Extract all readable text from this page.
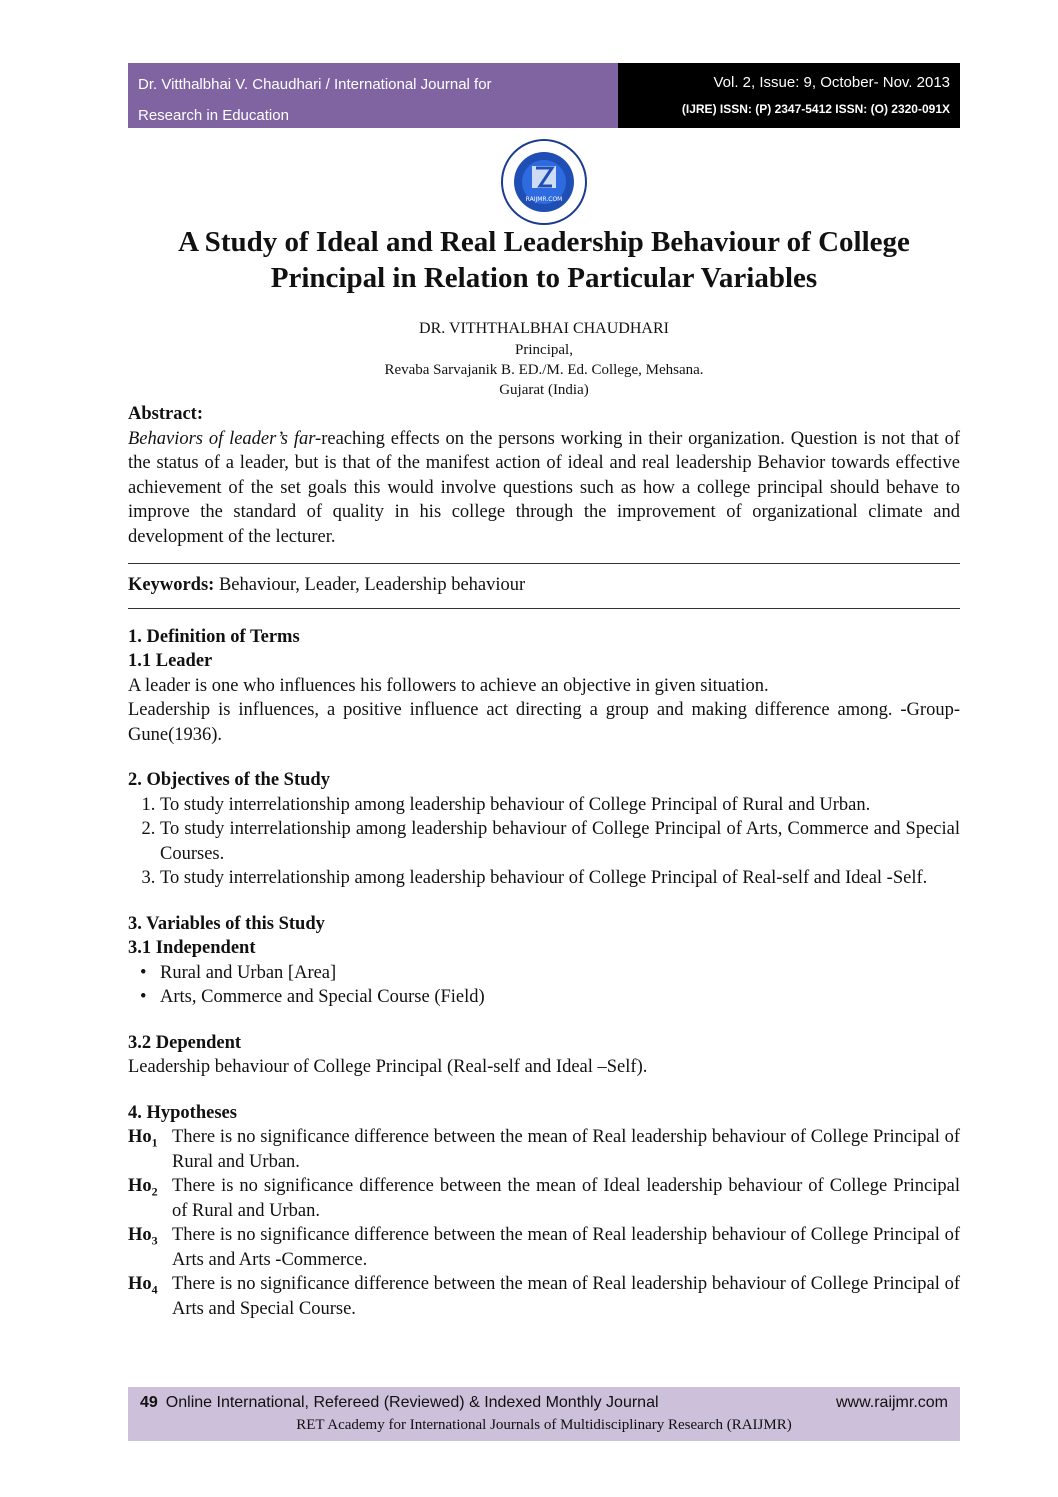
Dr. Vitthalbhai V. Chaudhari / International Journal for
Research in Education
Vol. 2, Issue: 9, October- Nov. 2013
(IJRE) ISSN: (P) 2347-5412 ISSN: (O) 2320-091X
RAIJMR.COM
A Study of Ideal and Real Leadership Behaviour of College
Principal in Relation to Particular Variables
DR. VITHTHALBHAI CHAUDHARI
Principal,
Revaba Sarvajanik B. ED./M. Ed. College, Mehsana.
Gujarat (India)
Abstract:

Behaviors of leader’s far-reaching effects on the persons working in their organization. Question is not that of the status of a leader, but is that of the manifest action of ideal and real leadership Behavior towards effective achievement of the set goals this would involve questions such as how a college principal should behave to improve the standard of quality in his college through the improvement of organizational climate and development of the lecturer.

Keywords: Behaviour, Leader, Leadership behaviour

1. Definition of Terms
1.1 Leader

A leader is one who influences his followers to achieve an objective in given situation.

Leadership is influences, a positive influence act directing a group and making difference among. -Group-Gune(1936).

2. Objectives of the Study
1. To study interrelationship among leadership behaviour of College Principal of Rural and Urban.
2. To study interrelationship among leadership behaviour of College Principal of Arts, Commerce and Special Courses.
3. To study interrelationship among leadership behaviour of College Principal of Real-self and Ideal -Self.
3. Variables of this Study
3.1 Independent
• Rural and Urban [Area]
• Arts, Commerce and Special Course (Field)
3.2 Dependent

Leadership behaviour of College Principal (Real-self and Ideal –Self).

4. Hypotheses
$Ho_1$ There is no significance difference between the mean of Real leadership behaviour of College Principal of Rural and Urban.
$Ho_2$ There is no significance difference between the mean of Ideal leadership behaviour of College Principal of Rural and Urban.
$Ho_3$ There is no significance difference between the mean of Real leadership behaviour of College Principal of Arts and Arts -Commerce.
$Ho_4$ There is no significance difference between the mean of Real leadership behaviour of College Principal of Arts and Special Course.
49 Online International, Refereed (Reviewed) & Indexed Monthly Journal	www.raijmr.com
RET Academy for International Journals of Multidisciplinary Research (RAIJMR)
